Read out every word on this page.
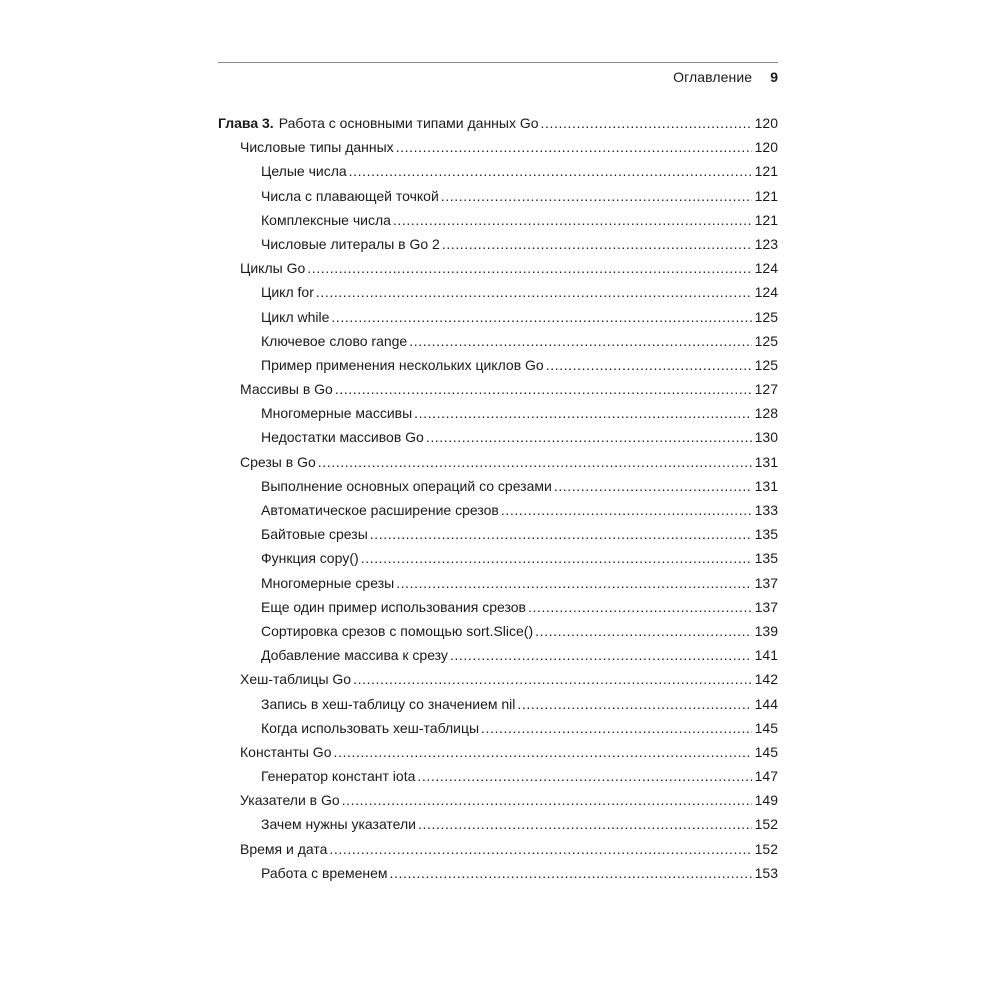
Оглавление 9
Глава 3. Работа с основными типами данных Go .....	120
Числовые типы данных .....	120
Целые числа .....	121
Числа с плавающей точкой .....	121
Комплексные числа .....	121
Числовые литералы в Go 2 .....	123
Циклы Go .....	124
Цикл for .....	124
Цикл while .....	125
Ключевое слово range .....	125
Пример применения нескольких циклов Go .....	125
Массивы в Go .....	127
Многомерные массивы .....	128
Недостатки массивов Go .....	130
Срезы в Go .....	131
Выполнение основных операций со срезами .....	131
Автоматическое расширение срезов .....	133
Байтовые срезы .....	135
Функция copy() .....	135
Многомерные срезы .....	137
Еще один пример использования срезов .....	137
Сортировка срезов с помощью sort.Slice() .....	139
Добавление массива к срезу .....	141
Хеш-таблицы Go .....	142
Запись в хеш-таблицу со значением nil .....	144
Когда использовать хеш-таблицы .....	145
Константы Go .....	145
Генератор констант iota .....	147
Указатели в Go .....	149
Зачем нужны указатели .....	152
Время и дата .....	152
Работа с временем .....	153
